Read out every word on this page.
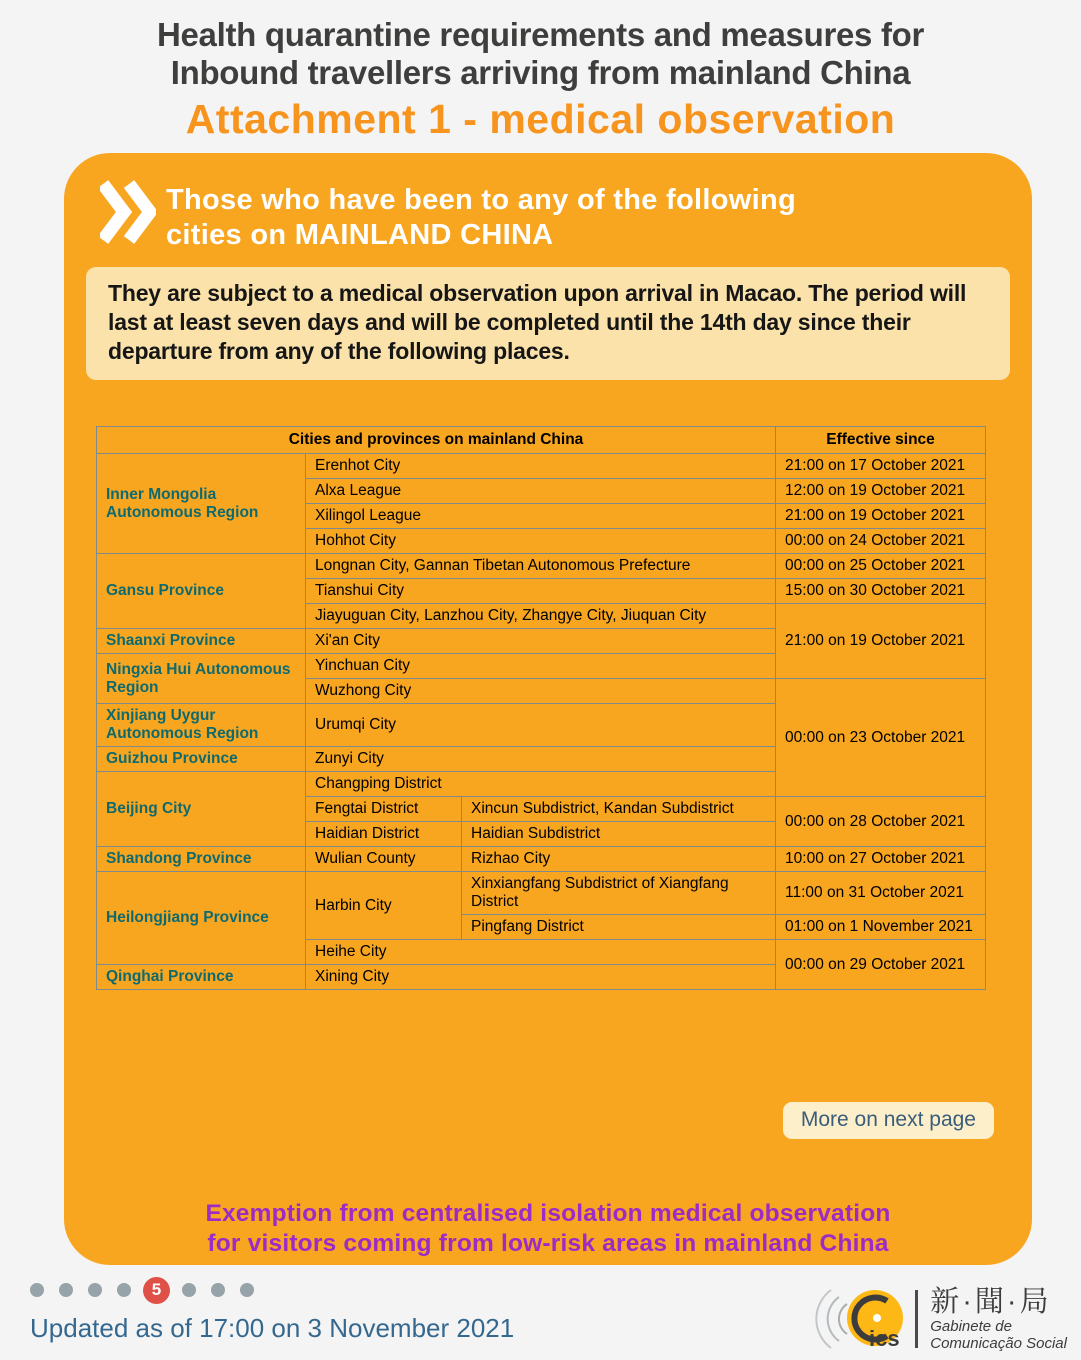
Health quarantine requirements and measures for
Inbound travellers arriving from mainland China
Attachment 1 - medical observation
Those who have been to any of the following
cities on MAINLAND CHINA
They are subject to a medical observation upon arrival in Macao. The period will last at least seven days and will be completed until the 14th day since their departure from any of the following places.
Cities and provinces on mainland China			Effective since
Inner Mongolia Autonomous Region	Erenhot City		21:00 on 17 October 2021
	Alxa League		12:00 on 19 October 2021
	Xilingol League		21:00 on 19 October 2021
	Hohhot City		00:00 on 24 October 2021
Gansu Province	Longnan City, Gannan Tibetan Autonomous Prefecture		00:00 on 25 October 2021
	Tianshui City		15:00 on 30 October 2021
	Jiayuguan City, Lanzhou City, Zhangye City, Jiuquan City		21:00 on 19 October 2021
Shaanxi Province	Xi'an City		
Ningxia Hui Autonomous Region	Yinchuan City		
	Wuzhong City		00:00 on 23 October 2021
Xinjiang Uygur Autonomous Region	Urumqi City		
Guizhou Province	Zunyi City		
Beijing City	Changping District		
	Fengtai District	Xincun Subdistrict, Kandan Subdistrict	00:00 on 28 October 2021
	Haidian District	Haidian Subdistrict	
Shandong Province	Wulian County	Rizhao City	10:00 on 27 October 2021
Heilongjiang Province	Harbin City	Xinxiangfang Subdistrict of Xiangfang District	11:00 on 31 October 2021
		Pingfang District	01:00 on 1 November 2021
	Heihe City		00:00 on 29 October 2021
Qinghai Province	Xining City		
More on next page
Exemption from centralised isolation medical observation
for visitors coming from low-risk areas in mainland China
5
Updated as of 17:00 on 3 November 2021	ics
新·聞·局
Gabinete de
Comunicação Social
